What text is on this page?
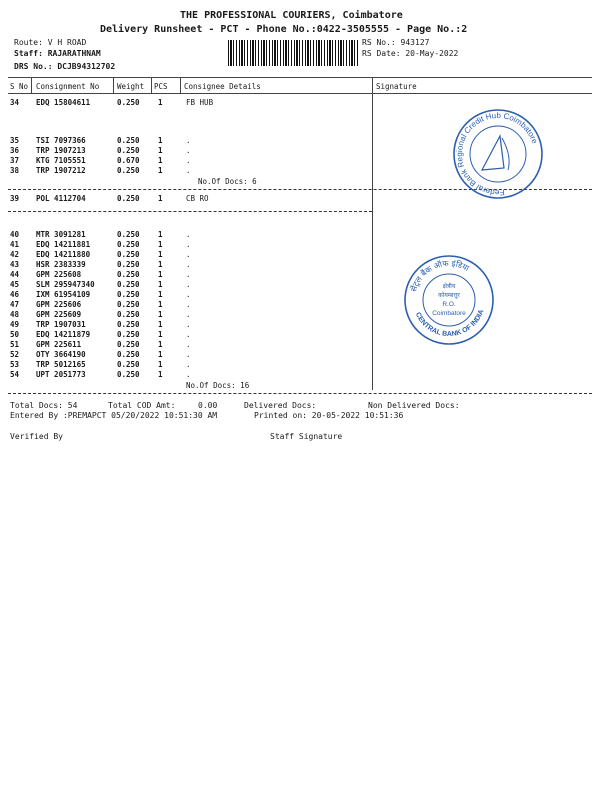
THE PROFESSIONAL COURIERS, Coimbatore
Delivery Runsheet - PCT - Phone No.:0422-3505555 - Page No.:2
Route: V H ROAD
Staff: RAJARATHNAM
DRS No.: DCJB94312702
RS No.: 943127
RS Date: 20-May-2022
S No Consignment No Weight PCS Consignee Details	Signature
34 EDQ 15804611	0.250 1	FB HUB
35 TSI 7097366	0.250 1	.
36 TRP 1907213	0.250 1	.
37 KTG 7105551	0.670 1	.
38 TRP 1907212	0.250 1	.
No.Of Docs: 6
39 POL 4112704	0.250 1	CB RO
40 MTR 3091281	0.250 1	.
41 EDQ 14211881	0.250 1	.
42 EDQ 14211880	0.250 1	.
43 HSR 2383339	0.250 1	.
44 GPM 225608	0.250 1	.
45 SLM 295947340	0.250 1	.
46 IXM 61954109	0.250 1	.
47 GPM 225606	0.250 1	.
48 GPM 225609	0.250 1	.
49 TRP 1907031	0.250 1	.
50 EDQ 14211879	0.250 1	.
51 GPM 225611	0.250 1	.
52 OTY 3664190	0.250 1	.
53 TRP 5012165	0.250 1	.
54 UPT 2051773	0.250 1	.
No.Of Docs: 16
Total Docs: 54	Total COD Amt:	0.00	Delivered Docs:	Non Delivered Docs:
Entered By :PREMAPCT 05/20/2022 10:51:30 AM	Printed on: 20-05-2022 10:51:36
Verified By	Staff Signature
Federal Bank Regional Credit Hub Coimbatore
सेंट्रल बैंक ऑफ इंडिया
CENTRAL BANK OF INDIA
क्षेत्रीय
कोयम्बत्तूर
R.O.
Coimbatore
